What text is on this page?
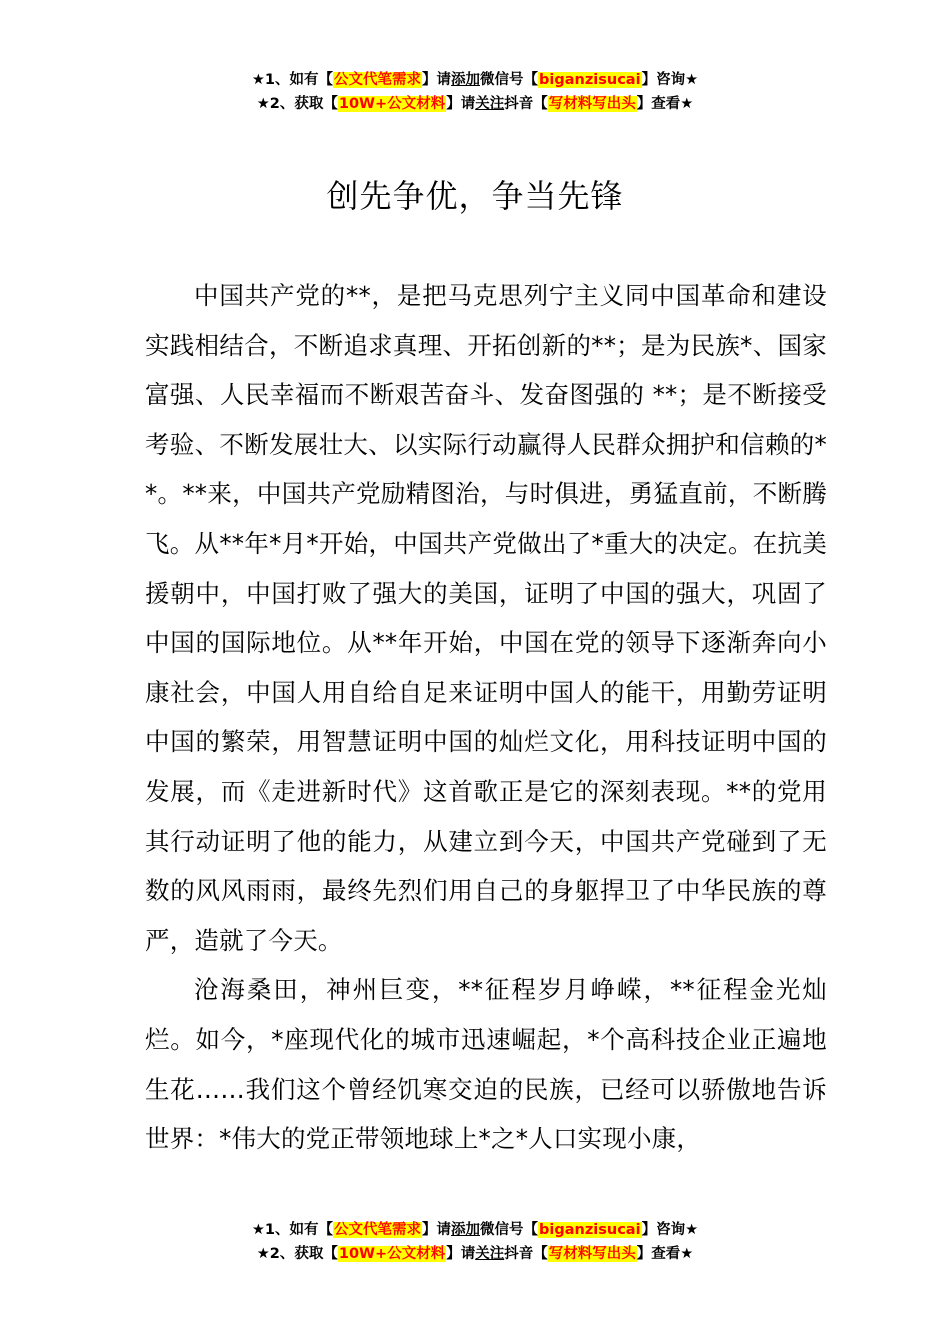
★1、如有【公文代笔需求】请添加微信号【biganzisucai】咨询★
★2、获取【10W+公文材料】请关注抖音【写材料写出头】查看★
创先争优，争当先锋

中国共产党的**，是把马克思列宁主义同中国革命和建设实践相结合，不断追求真理、开拓创新的**；是为民族*、国家富强、人民幸福而不断艰苦奋斗、发奋图强的 **；是不断接受考验、不断发展壮大、以实际行动赢得人民群众拥护和信赖的**。**来，中国共产党励精图治，与时俱进，勇猛直前，不断腾飞。从**年*月*开始，中国共产党做出了*重大的决定。在抗美援朝中，中国打败了强大的美国，证明了中国的强大，巩固了中国的国际地位。从**年开始，中国在党的领导下逐渐奔向小康社会，中国人用自给自足来证明中国人的能干，用勤劳证明中国的繁荣，用智慧证明中国的灿烂文化，用科技证明中国的发展，而《走进新时代》这首歌正是它的深刻表现。**的党用其行动证明了他的能力，从建立到今天，中国共产党碰到了无数的风风雨雨，最终先烈们用自己的身躯捍卫了中华民族的尊严，造就了今天。

沧海桑田，神州巨变，**征程岁月峥嵘，**征程金光灿烂。如今，*座现代化的城市迅速崛起，*个高科技企业正遍地生花……我们这个曾经饥寒交迫的民族，已经可以骄傲地告诉世界：*伟大的党正带领地球上*之*人口实现小康，

★1、如有【公文代笔需求】请添加微信号【biganzisucai】咨询★
★2、获取【10W+公文材料】请关注抖音【写材料写出头】查看★
